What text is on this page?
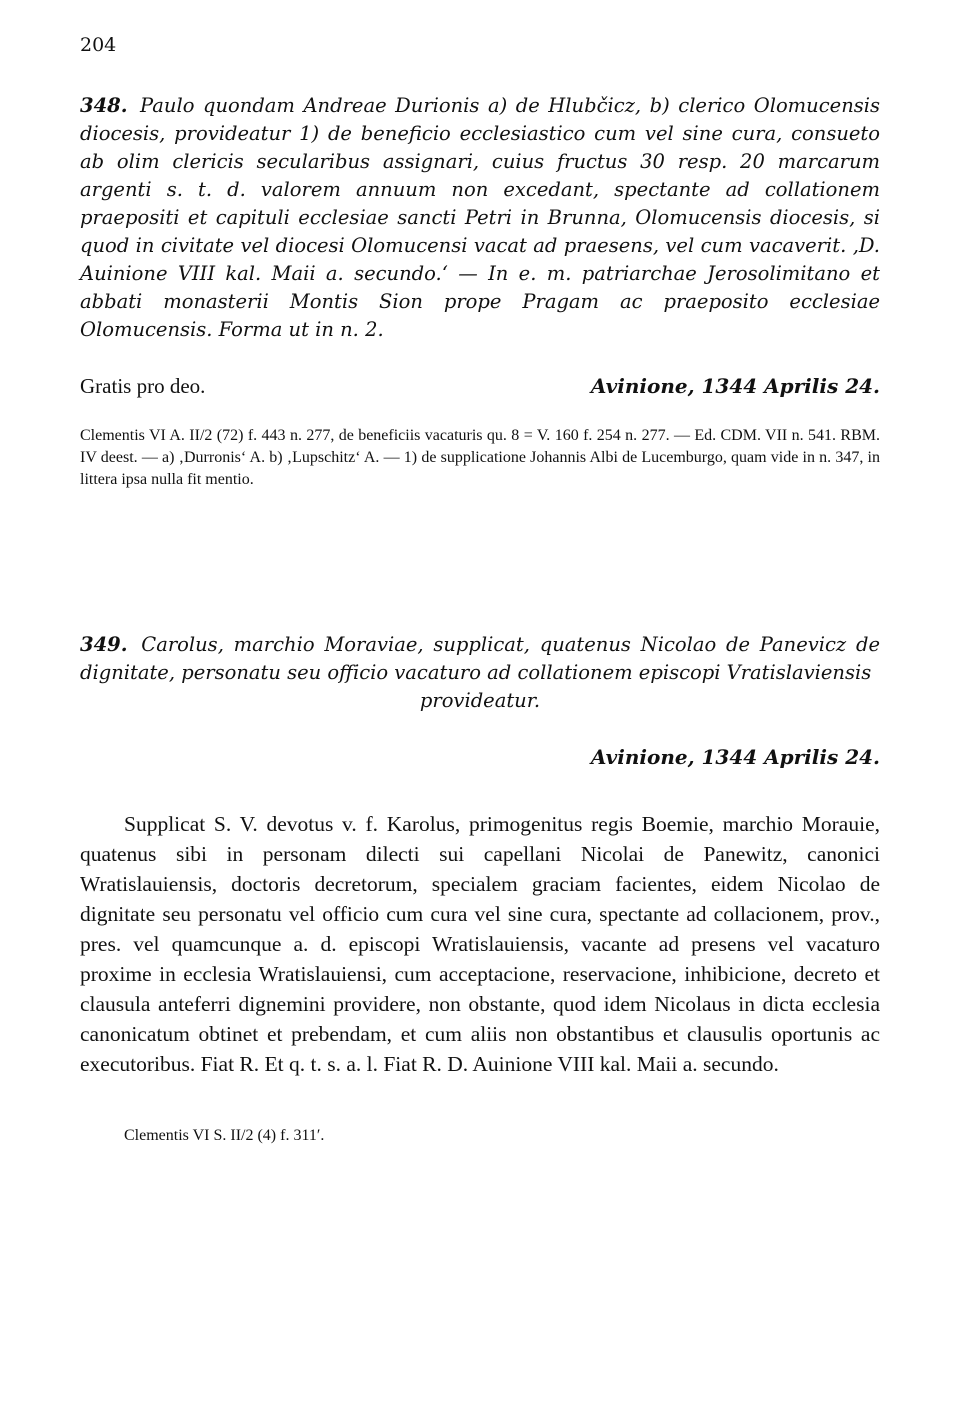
204

348. Paulo quondam Andreae Durionis a) de Hlubčicz, b) clerico Olomucensis diocesis, provideatur 1) de beneficio ecclesiastico cum vel sine cura, consueto ab olim clericis secularibus assignari, cuius fructus 30 resp. 20 marcarum argenti s. t. d. valorem annuum non excedant, spectante ad collationem praepositi et capituli ecclesiae sancti Petri in Brunna, Olomucensis diocesis, si quod in civitate vel diocesi Olomucensi vacat ad praesens, vel cum vacaverit. ‚D. Auinione VIII kal. Maii a. secundo.‘ — In e. m. patriarchae Jerosolimitano et abbati monasterii Montis Sion prope Pragam ac praeposito ecclesiae Olomucensis. Forma ut in n. 2.

Gratis pro deo.	Avinione, 1344 Aprilis 24.

Clementis VI A. II/2 (72) f. 443 n. 277, de beneficiis vacaturis qu. 8 = V. 160 f. 254 n. 277. — Ed. CDM. VII n. 541. RBM. IV deest. — a) ‚Durronis‘ A. b) ‚Lupschitz‘ A. — 1) de supplicatione Johannis Albi de Lucemburgo, quam vide in n. 347, in littera ipsa nulla fit mentio.

349. Carolus, marchio Moraviae, supplicat, quatenus Nicolao de Panevicz de dignitate, personatu seu officio vacaturo ad collationem episcopi Vratislaviensis
provideatur.

Avinione, 1344 Aprilis 24.

Supplicat S. V. devotus v. f. Karolus, primogenitus regis Boemie, marchio Morauie, quatenus sibi in personam dilecti sui capellani Nicolai de Panewitz, canonici Wratislauiensis, doctoris decretorum, specialem graciam facientes, eidem Nicolao de dignitate seu personatu vel officio cum cura vel sine cura, spectante ad collacionem, prov., pres. vel quamcunque a. d. episcopi Wratislauiensis, vacante ad presens vel vacaturo proxime in ecclesia Wratislauiensi, cum acceptacione, reservacione, inhibicione, decreto et clausula anteferri dignemini providere, non obstante, quod idem Nicolaus in dicta ecclesia canonicatum obtinet et prebendam, et cum aliis non obstantibus et clausulis oportunis ac executoribus. Fiat R. Et q. t. s. a. l. Fiat R. D. Auinione VIII kal. Maii a. secundo.

Clementis VI S. II/2 (4) f. 311′.
